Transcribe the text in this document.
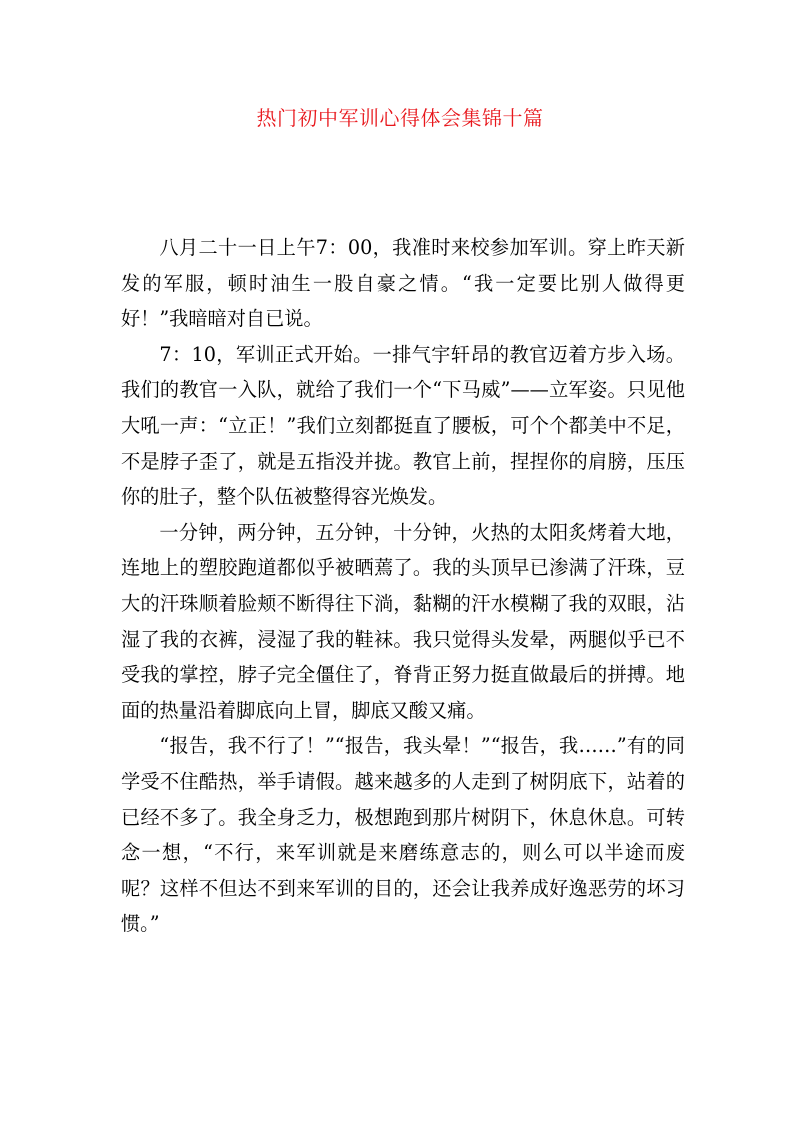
热门初中军训心得体会集锦十篇

八月二十一日上午7：00，我准时来校参加军训。穿上昨天新发的军服，顿时油生一股自豪之情。“我一定要比别人做得更好！”我暗暗对自已说。

7：10，军训正式开始。一排气宇轩昂的教官迈着方步入场。我们的教官一入队，就给了我们一个“下马威”——立军姿。只见他大吼一声：“立正！”我们立刻都挺直了腰板，可个个都美中不足，不是脖子歪了，就是五指没并拢。教官上前，捏捏你的肩膀，压压你的肚子，整个队伍被整得容光焕发。

一分钟，两分钟，五分钟，十分钟，火热的太阳炙烤着大地，连地上的塑胶跑道都似乎被晒蔫了。我的头顶早已渗满了汗珠，豆大的汗珠顺着脸颊不断得往下淌，黏糊的汗水模糊了我的双眼，沾湿了我的衣裤，浸湿了我的鞋袜。我只觉得头发晕，两腿似乎已不受我的掌控，脖子完全僵住了，脊背正努力挺直做最后的拼搏。地面的热量沿着脚底向上冒，脚底又酸又痛。

“报告，我不行了！”“报告，我头晕！”“报告，我……”有的同学受不住酷热，举手请假。越来越多的人走到了树阴底下，站着的已经不多了。我全身乏力，极想跑到那片树阴下，休息休息。可转念一想，“不行，来军训就是来磨练意志的，则么可以半途而废呢？这样不但达不到来军训的目的，还会让我养成好逸恶劳的坏习惯。”
